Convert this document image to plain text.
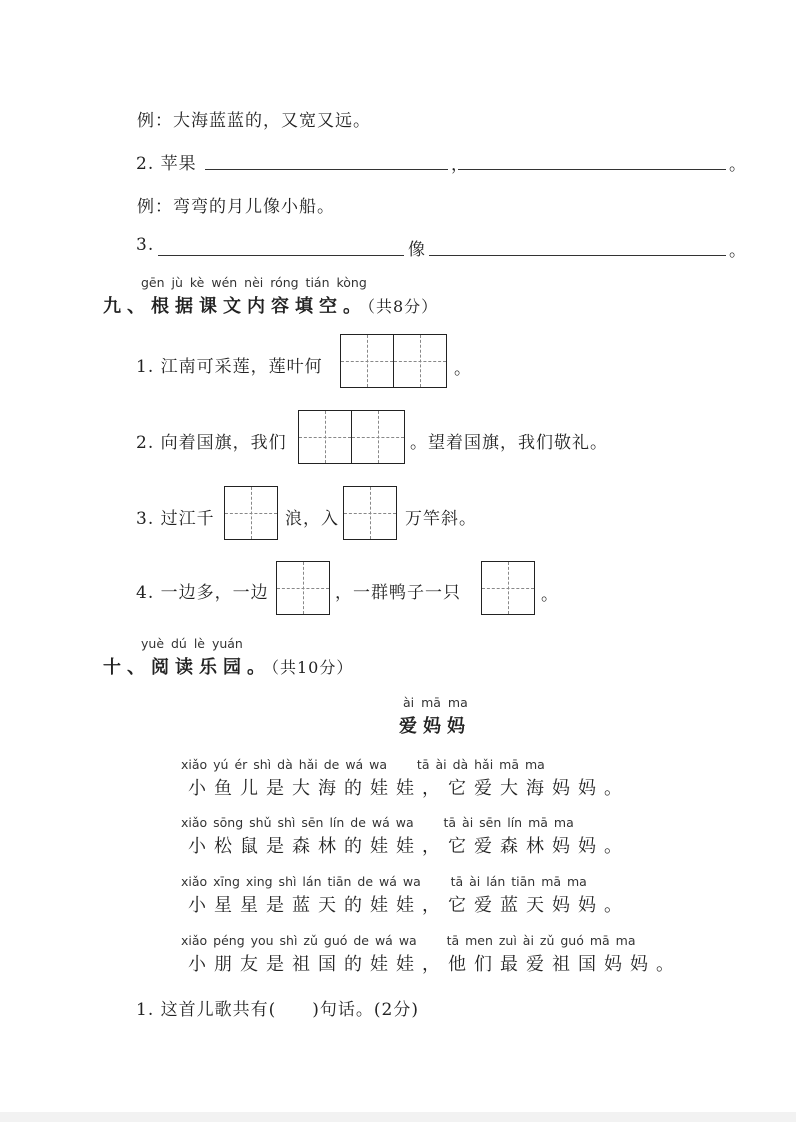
例：大海蓝蓝的，又宽又远。
2. 苹果	，	。
例：弯弯的月儿像小船。
3.	像	。
gēn jù kè wén nèi róng tián kòng
九、根据课文内容填空。（共8分）
1. 江南可采莲，莲叶何	。
2. 向着国旗，我们	。望着国旗，我们敬礼。
3. 过江千	浪，入	万竿斜。
4. 一边多，一边	，一群鸭子一只	。
yuè dú lè yuán
十、阅读乐园。（共10分）
ài mā ma
爱妈妈
xiǎo yú ér shì dà hǎi de wá wa     tā ài dà hǎi mā ma
小鱼儿是大海的娃娃，它爱大海妈妈。
xiǎo sōng shǔ shì sēn lín de wá wa     tā ài sēn lín mā ma
小松鼠是森林的娃娃，它爱森林妈妈。
xiǎo xīng xing shì lán tiān de wá wa     tā ài lán tiān mā ma
小星星是蓝天的娃娃，它爱蓝天妈妈。
xiǎo péng you shì zǔ guó de wá wa     tā men zuì ài zǔ guó mā ma
小朋友是祖国的娃娃，他们最爱祖国妈妈。
1. 这首儿歌共有(　　)句话。(2分)
